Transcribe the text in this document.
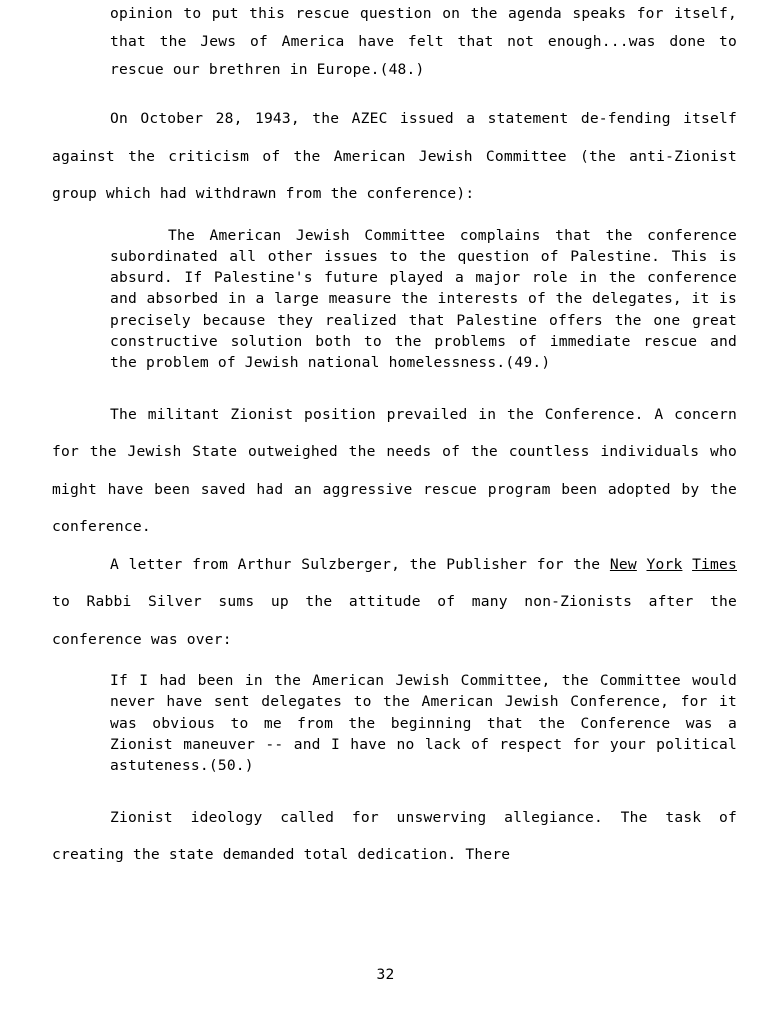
opinion to put this rescue question on the agenda speaks for itself, that the Jews of America have felt that not enough...was done to rescue our brethren in Europe.(48.)

On October 28, 1943, the AZEC issued a statement de-fending itself against the criticism of the American Jewish Committee (the anti-Zionist group which had withdrawn from the conference):

The American Jewish Committee complains that the conference subordinated all other issues to the question of Palestine. This is absurd. If Palestine's future played a major role in the conference and absorbed in a large measure the interests of the delegates, it is precisely because they realized that Palestine offers the one great constructive solution both to the problems of immediate rescue and the problem of Jewish national homelessness.(49.)

The militant Zionist position prevailed in the Conference. A concern for the Jewish State outweighed the needs of the countless individuals who might have been saved had an aggressive rescue program been adopted by the conference.

A letter from Arthur Sulzberger, the Publisher for the New York Times to Rabbi Silver sums up the attitude of many non-Zionists after the conference was over:

If I had been in the American Jewish Committee, the Committee would never have sent delegates to the American Jewish Conference, for it was obvious to me from the beginning that the Conference was a Zionist maneuver -- and I have no lack of respect for your political astuteness.(50.)

Zionist ideology called for unswerving allegiance. The task of creating the state demanded total dedication. There

32
